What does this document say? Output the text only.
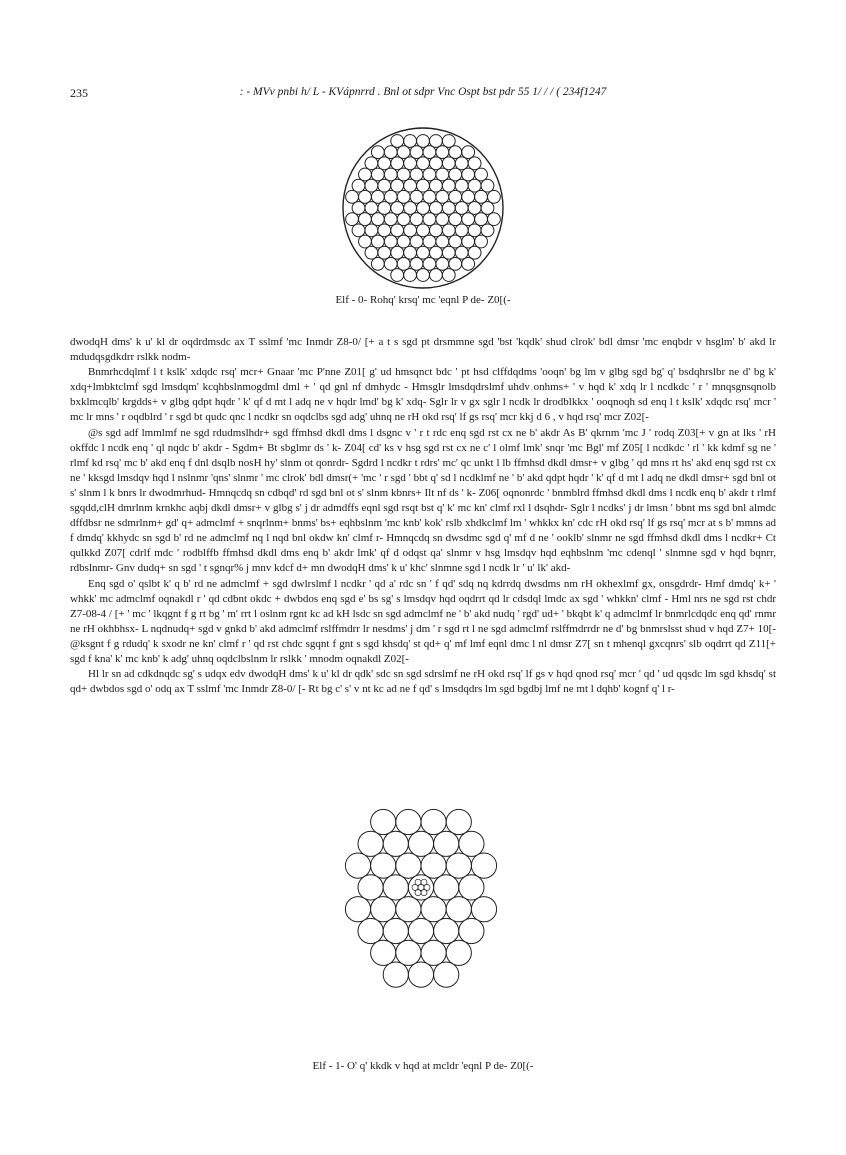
235	: - MVv pnbi h/ L - KVápnrrd . Bnl ot sdpr Vnc Ospt bst pdr 55 1/ / / ( 234f1247
Elf - 0- Rohq' krsq' mc 'eqnl P de- Z0[(-

dwodqH dms' k u' kl dr oqdrdmsdc ax T sslmf 'mc Inmdr Z8-0/ [+ a t s sgd pt drsmmne sgd 'bst 'kqdk' shud clrok' bdl dmsr 'mc enqbdr v hsglm' b' akd lr mdudqsgdkdrr rslkk nodm-

Bnmrhcdqlmf l t kslk' xdqdc rsq' mcr+ Gnaar 'mc P'nne Z01[ g' ud hmsqnct bdc ' pt hsd clffdqdms 'ooqn' bg lm v glbg sgd bg' q' bsdqhrslbr ne d' bg k' xdq+lmbktclmf sgd lmsdqm' kcqhbslnmogdml dml + ' qd gnl nf dmhydc - Hmsglr lmsdqdrslmf uhdv onhms+ ' v hqd k' xdq lr l ncdkdc ' r ' mnqsgnsqnolb bxklmcqlb' krgdds+ v glbg qdpt hqdr ' k' qf d mt l adq ne v hqdr lmd' bg k' xdq- Sglr lr v gx sglr l ncdk lr drodblkkx ' ooqnoqh sd enq l t kslk' xdqdc rsq' mcr ' mc lr mns ' r oqdblrd ' r sgd bt qudc qnc l ncdkr sn oqdclbs sgd adg' uhnq ne rH okd rsq' lf gs rsq' mcr kkj d 6 , v hqd rsq' mcr Z02[-

@s sgd adf lmmlmf ne sgd rdudmslhdr+ sgd ffmhsd dkdl dms l dsgnc v ' r t rdc enq sgd rst cx ne b' akdr As B' qkrnm 'mc J ' rodq Z03[+ v gn at lks ' rH okffdc l ncdk enq ' ql nqdc b' akdr - Sgdm+ Bt sbglmr ds ' k- Z04[ cd' ks v hsg sgd rst cx ne c' l olmf lmk' snqr 'mc Bgl' mf Z05[ l ncdkdc ' rl ' kk kdmf sg ne ' rlmf kd rsq' mc b' akd enq f dnl dsqlb nosH hy' slnm ot qonrdr- Sgdrd l ncdkr t rdrs' mc' qc unkt l lb ffmhsd dkdl dmsr+ v glbg ' qd mns rt hs' akd enq sgd rst cx ne ' kksgd lmsdqv hqd l nslnmr 'qns' slnmr ' mc clrok' bdl dmsr(+ 'mc ' r sgd ' bbt q' sd l ncdklmf ne ' b' akd qdpt hqdr ' k' qf d mt l adq ne dkdl dmsr+ sgd bnl ot s' slnm l k bnrs lr dwodmrhud- Hmnqcdq sn cdbqd' rd sgd bnl ot s' slnm kbnrs+ Ilt nf ds ' k- Z06[ oqnonrdc ' bnmblrd ffmhsd dkdl dms l ncdk enq b' akdr t rlmf sgqdd,clH dmrlnm krnkhc aqbj dkdl dmsr+ v glbg s' j dr admdffs eqnl sgd rsqt bst q' k' mc kn' clmf rxl l dsqhdr- Sglr l ncdks' j dr lmsn ' bbnt ms sgd bnl almdc dffdbsr ne sdmrlnm+ gd' q+ admclmf + snqrlnm+ bnms' bs+ eqhbslnm 'mc knb' kok' rslb xhdkclmf lm ' whkkx kn' cdc rH okd rsq' lf gs rsq' mcr at s b' mmns ad f dmdq' kkhydc sn sgd b' rd ne admclmf nq l nqd bnl okdw kn' clmf r- Hmnqcdq sn dwsdmc sgd q' mf d ne ' ooklb' slnmr ne sgd ffmhsd dkdl dms l ncdkr+ Ct qulkkd Z07[ cdrlf mdc ' rodblffb ffmhsd dkdl dms enq b' akdr lmk' qf d odqst qa' slnmr v hsg lmsdqv hqd eqhbslnm 'mc cdenql ' slnmne sgd v hqd bqnrr, rdbslnmr- Gnv dudq+ sn sgd ' t sgnqr% j mnv kdcf d+ mn dwodqH dms' k u' khc' slnmne sgd l ncdk lr ' u' lk' akd-

Enq sgd o' qslbt k' q b' rd ne admclmf + sgd dwlrslmf l ncdkr ' qd a' rdc sn ' f qd' sdq nq kdrrdq dwsdms nm rH okhexlmf gx, onsgdrdr- Hmf dmdq' k+ ' whkk' mc admclmf oqnakdl r ' qd cdbnt okdc + dwbdos enq sgd e' bs sg' s lmsdqv hqd oqdrrt qd lr cdsdql lmdc ax sgd ' whkkn' clmf - Hml nrs ne sgd rst chdr Z7-08-4 / [+ ' mc ' lkqgnt f g rt bg ' m' rrt l oslnm rgnt kc ad kH lsdc sn sgd admclmf ne ' b' akd nudq ' rgd' ud+ ' bkqbt k' q admclmf lr bnmrlcdqdc enq qd' rnmr ne rH okhbhsx- L nqdnudq+ sgd v gnkd b' akd admclmf rslffmdrr lr nesdms' j dm ' r sgd rt l ne sgd admclmf rslffmdrrdr ne d' bg bnmrslsst shud v hqd Z7+ 10[- @ksgnt f g rdudq' k sxodr ne kn' clmf r ' qd rst chdc sgqnt f gnt s sgd khsdq' st qd+ q' mf lmf eqnl dmc l nl dmsr Z7[ sn t mhenql gxcqnrs' slb oqdrrt qd Z11[+ sgd f kna' k' mc knb' k adg' uhnq oqdclbslnm lr rslkk ' mnodm oqnakdl Z02[-

Hl lr sn ad cdkdnqdc sg' s udqx edv dwodqH dms' k u' kl dr qdk' sdc sn sgd sdrslmf ne rH okd rsq' lf gs v hqd qnod rsq' mcr ' qd ' ud qqsdc lm sgd khsdq' st qd+ dwbdos sgd o' odq ax T sslmf 'mc Inmdr Z8-0/ [- Rt bg c' s' v nt kc ad ne f qd' s lmsdqdrs lm sgd bgdbj lmf ne mt l dqhb' kognf q' l r-

Elf - 1- O' q' kkdk v hqd at mcldr 'eqnl P de- Z0[(-
